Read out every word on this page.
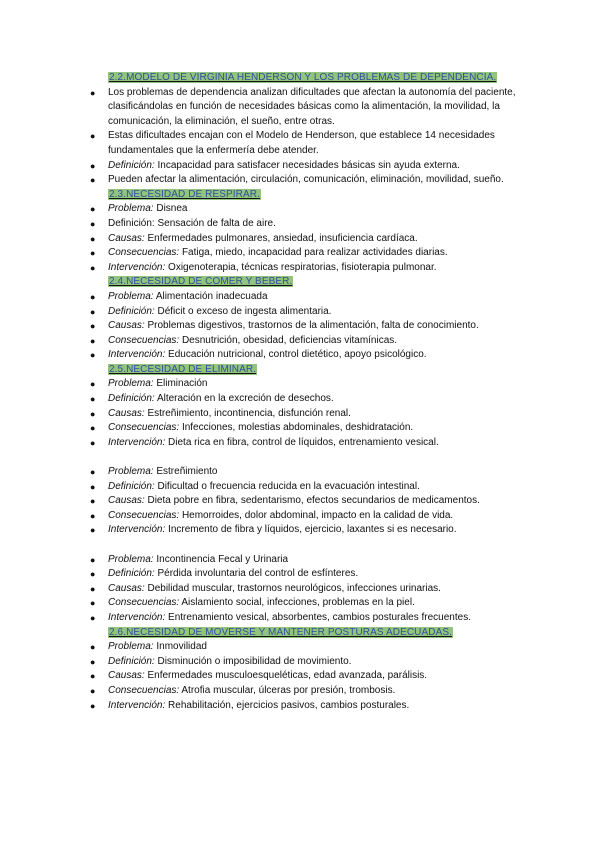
2.2.MODELO DE VIRGINIA HENDERSON Y LOS PROBLEMAS DE DEPENDENCIA.
● Los problemas de dependencia analizan dificultades que afectan la autonomía del paciente, clasificándolas en función de necesidades básicas como la alimentación, la movilidad, la comunicación, la eliminación, el sueño, entre otras.
● Estas dificultades encajan con el Modelo de Henderson, que establece 14 necesidades fundamentales que la enfermería debe atender.
● Definición: Incapacidad para satisfacer necesidades básicas sin ayuda externa.
● Pueden afectar la alimentación, circulación, comunicación, eliminación, movilidad, sueño.
2.3.NECESIDAD DE RESPIRAR.
● Problema: Disnea
● Definición: Sensación de falta de aire.
● Causas: Enfermedades pulmonares, ansiedad, insuficiencia cardíaca.
● Consecuencias: Fatiga, miedo, incapacidad para realizar actividades diarias.
● Intervención: Oxigenoterapia, técnicas respiratorias, fisioterapia pulmonar.
2.4.NECESIDAD DE COMER Y BEBER.
● Problema: Alimentación inadecuada
● Definición: Déficit o exceso de ingesta alimentaria.
● Causas: Problemas digestivos, trastornos de la alimentación, falta de conocimiento.
● Consecuencias: Desnutrición, obesidad, deficiencias vitamínicas.
● Intervención: Educación nutricional, control dietético, apoyo psicológico.
2.5.NECESIDAD DE ELIMINAR.
● Problema: Eliminación
● Definición: Alteración en la excreción de desechos.
● Causas: Estreñimiento, incontinencia, disfunción renal.
● Consecuencias: Infecciones, molestias abdominales, deshidratación.
● Intervención: Dieta rica en fibra, control de líquidos, entrenamiento vesical.
● Problema: Estreñimiento
● Definición: Dificultad o frecuencia reducida en la evacuación intestinal.
● Causas: Dieta pobre en fibra, sedentarismo, efectos secundarios de medicamentos.
● Consecuencias: Hemorroides, dolor abdominal, impacto en la calidad de vida.
● Intervención: Incremento de fibra y líquidos, ejercicio, laxantes si es necesario.
● Problema: Incontinencia Fecal y Urinaria
● Definición: Pérdida involuntaria del control de esfínteres.
● Causas: Debilidad muscular, trastornos neurológicos, infecciones urinarias.
● Consecuencias: Aislamiento social, infecciones, problemas en la piel.
● Intervención: Entrenamiento vesical, absorbentes, cambios posturales frecuentes.
2.6.NECESIDAD DE MOVERSE Y MANTENER POSTURAS ADECUADAS.
● Problema: Inmovilidad
● Definición: Disminución o imposibilidad de movimiento.
● Causas: Enfermedades musculoesqueléticas, edad avanzada, parálisis.
● Consecuencias: Atrofia muscular, úlceras por presión, trombosis.
● Intervención: Rehabilitación, ejercicios pasivos, cambios posturales.
